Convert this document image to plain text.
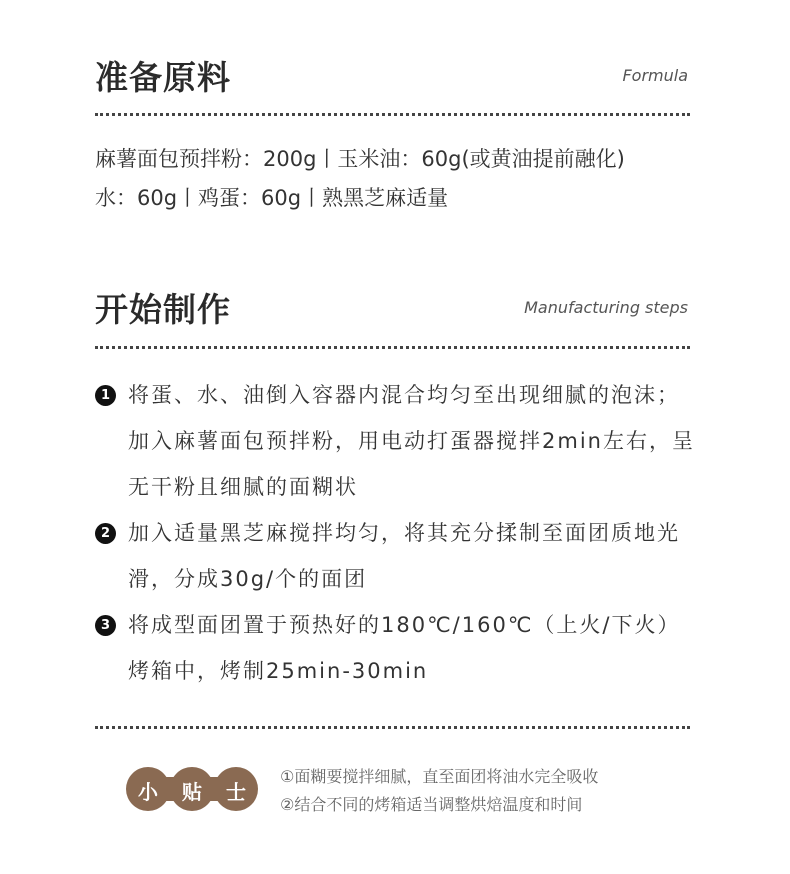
准备原料	Formula
麻薯面包预拌粉：200g丨玉米油：60g(或黄油提前融化)
水：60g丨鸡蛋：60g丨熟黑芝麻适量
开始制作	Manufacturing steps
1 将蛋、水、油倒入容器内混合均匀至出现细腻的泡沫；加入麻薯面包预拌粉，用电动打蛋器搅拌2min左右，呈无干粉且细腻的面糊状
2 加入适量黑芝麻搅拌均匀，将其充分揉制至面团质地光滑，分成30g/个的面团
3 将成型面团置于预热好的180℃/160℃（上火/下火）烤箱中，烤制25min-30min
小 贴 士
①面糊要搅拌细腻，直至面团将油水完全吸收
②结合不同的烤箱适当调整烘焙温度和时间
